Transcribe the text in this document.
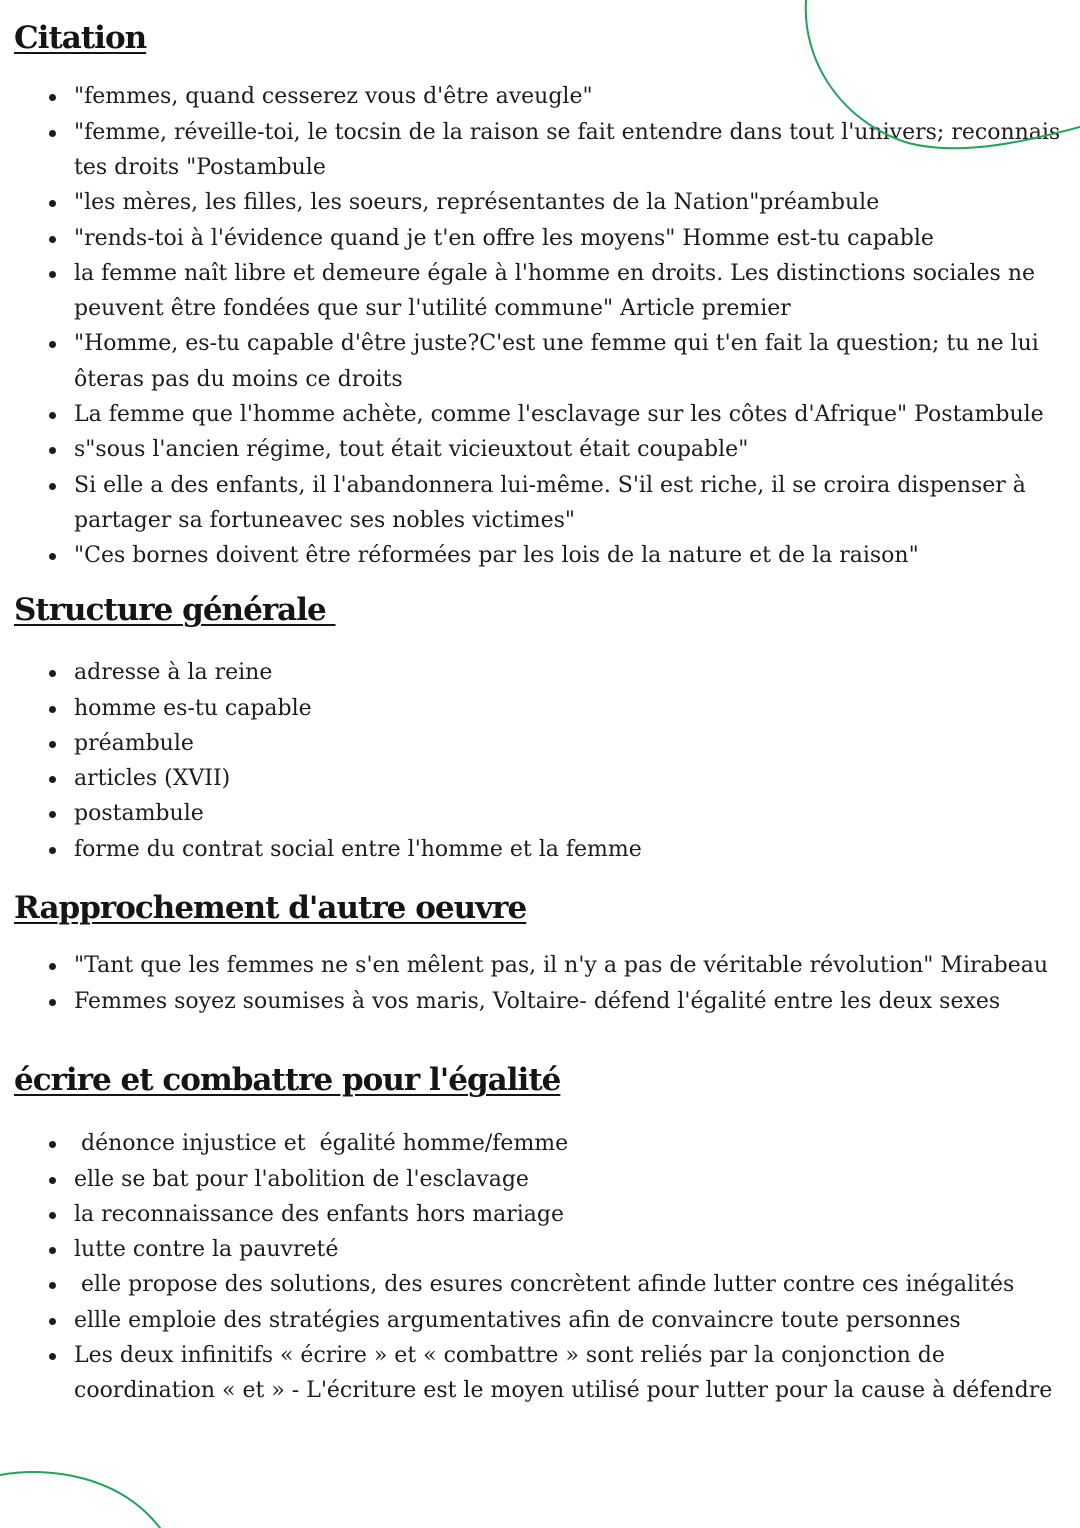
Citation
"femmes, quand cesserez vous d'être aveugle"
"femme, réveille-toi, le tocsin de la raison se fait entendre dans tout l'univers; reconnais tes droits "Postambule
"les mères, les filles, les soeurs, représentantes de la Nation"préambule
"rends-toi à l'évidence quand je t'en offre les moyens" Homme est-tu capable
la femme naît libre et demeure égale à l'homme en droits. Les distinctions sociales ne peuvent être fondées que sur l'utilité commune" Article premier
"Homme, es-tu capable d'être juste?C'est une femme qui t'en fait la question; tu ne lui ôteras pas du moins ce droits
La femme que l'homme achète, comme l'esclavage sur les côtes d'Afrique" Postambule
s"sous l'ancien régime, tout était vicieuxtout était coupable"
Si elle a des enfants, il l'abandonnera lui-même. S'il est riche, il se croira dispenser à partager sa fortuneavec ses nobles victimes"
"Ces bornes doivent être réformées par les lois de la nature et de la raison"
Structure générale
adresse à la reine
homme es-tu capable
préambule
articles (XVII)
postambule
forme du contrat social entre l'homme et la femme
Rapprochement d'autre oeuvre
"Tant que les femmes ne s'en mêlent pas, il n'y a pas de véritable révolution" Mirabeau
Femmes soyez soumises à vos maris, Voltaire- défend l'égalité entre les deux sexes
écrire et combattre pour l'égalité
dénonce injustice et  égalité homme/femme
elle se bat pour l'abolition de l'esclavage
la reconnaissance des enfants hors mariage
lutte contre la pauvreté
elle propose des solutions, des esures concrètent afinde lutter contre ces inégalités
ellle emploie des stratégies argumentatives afin de convaincre toute personnes
Les deux infinitifs « écrire » et « combattre » sont reliés par la conjonction de coordination « et » - L'écriture est le moyen utilisé pour lutter pour la cause à défendre
